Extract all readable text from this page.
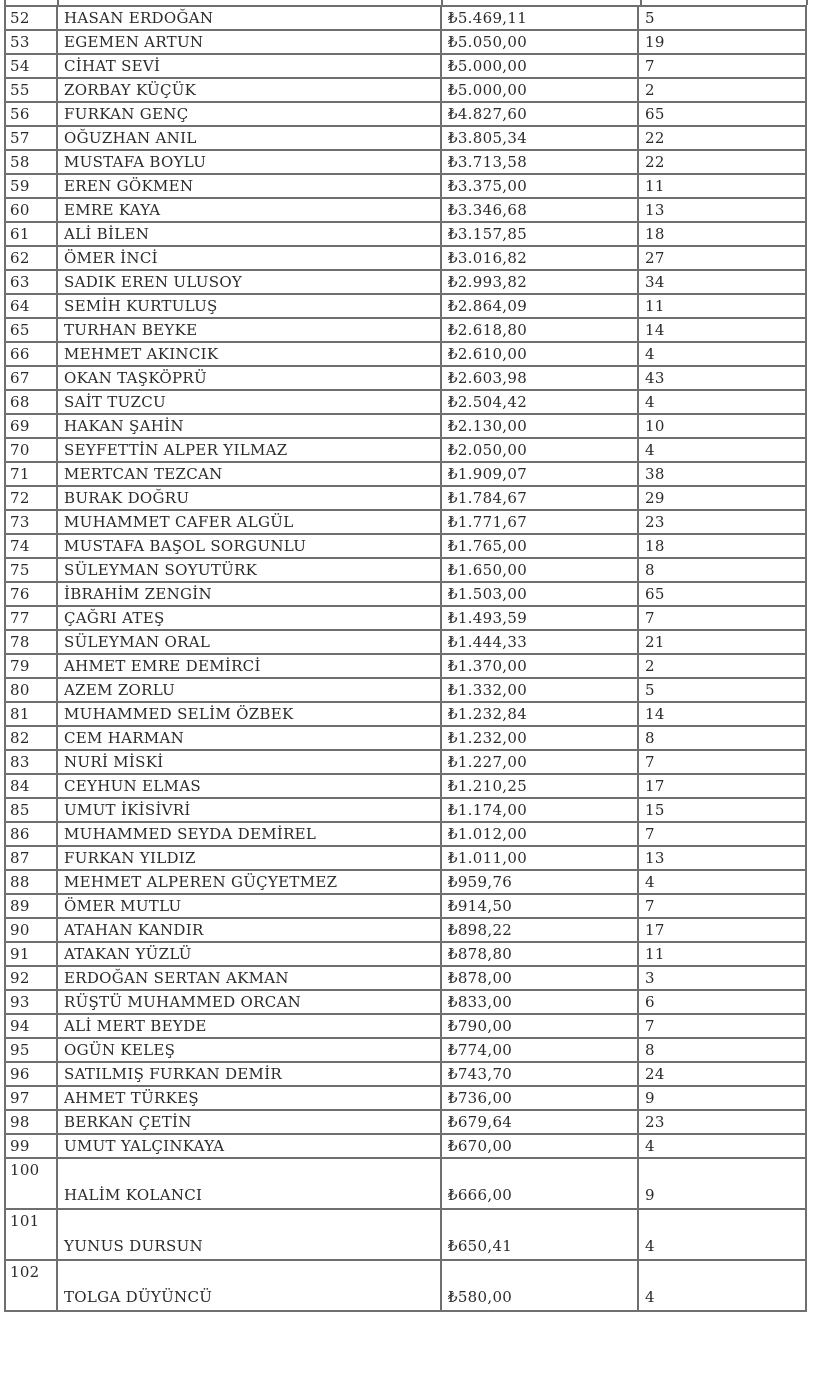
52	HASAN ERDOĞAN	₺5.469,11	5
53	EGEMEN ARTUN	₺5.050,00	19
54	CİHAT SEVİ	₺5.000,00	7
55	ZORBAY KÜÇÜK	₺5.000,00	2
56	FURKAN GENÇ	₺4.827,60	65
57	OĞUZHAN ANIL	₺3.805,34	22
58	MUSTAFA BOYLU	₺3.713,58	22
59	EREN GÖKMEN	₺3.375,00	11
60	EMRE KAYA	₺3.346,68	13
61	ALİ BİLEN	₺3.157,85	18
62	ÖMER İNCİ	₺3.016,82	27
63	SADIK EREN ULUSOY	₺2.993,82	34
64	SEMİH KURTULUŞ	₺2.864,09	11
65	TURHAN BEYKE	₺2.618,80	14
66	MEHMET AKINCIK	₺2.610,00	4
67	OKAN TAŞKÖPRÜ	₺2.603,98	43
68	SAİT TUZCU	₺2.504,42	4
69	HAKAN ŞAHİN	₺2.130,00	10
70	SEYFETTİN ALPER YILMAZ	₺2.050,00	4
71	MERTCAN TEZCAN	₺1.909,07	38
72	BURAK DOĞRU	₺1.784,67	29
73	MUHAMMET CAFER ALGÜL	₺1.771,67	23
74	MUSTAFA BAŞOL SORGUNLU	₺1.765,00	18
75	SÜLEYMAN SOYUTÜRK	₺1.650,00	8
76	İBRAHİM ZENGİN	₺1.503,00	65
77	ÇAĞRI ATEŞ	₺1.493,59	7
78	SÜLEYMAN ORAL	₺1.444,33	21
79	AHMET EMRE DEMİRCİ	₺1.370,00	2
80	AZEM ZORLU	₺1.332,00	5
81	MUHAMMED SELİM ÖZBEK	₺1.232,84	14
82	CEM HARMAN	₺1.232,00	8
83	NURİ MİSKİ	₺1.227,00	7
84	CEYHUN ELMAS	₺1.210,25	17
85	UMUT İKİSİVRİ	₺1.174,00	15
86	MUHAMMED SEYDA DEMİREL	₺1.012,00	7
87	FURKAN YILDIZ	₺1.011,00	13
88	MEHMET ALPEREN GÜÇYETMEZ	₺959,76	4
89	ÖMER MUTLU	₺914,50	7
90	ATAHAN KANDIR	₺898,22	17
91	ATAKAN YÜZLÜ	₺878,80	11
92	ERDOĞAN SERTAN AKMAN	₺878,00	3
93	RÜŞTÜ MUHAMMED ORCAN	₺833,00	6
94	ALİ MERT BEYDE	₺790,00	7
95	OGÜN KELEŞ	₺774,00	8
96	SATILMIŞ FURKAN DEMİR	₺743,70	24
97	AHMET TÜRKEŞ	₺736,00	9
98	BERKAN ÇETİN	₺679,64	23
99	UMUT YALÇINKAYA	₺670,00	4
100	HALİM KOLANCI	₺666,00	9
101	YUNUS DURSUN	₺650,41	4
102	TOLGA DÜYÜNCÜ	₺580,00	4
